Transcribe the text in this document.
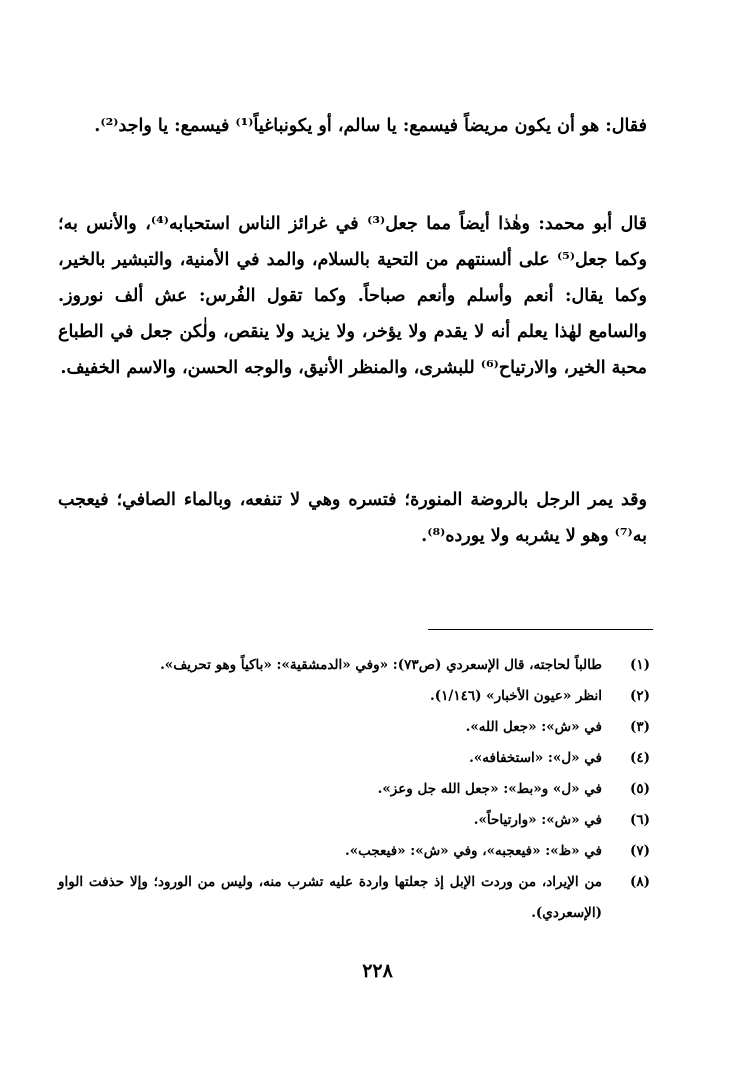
فقال: هو أن يكون مريضاً فيسمع: يا سالم، أو يكونباغياً⁽¹⁾ فيسمع: يا واجد⁽²⁾.

قال أبو محمد: وهٰذا أيضاً مما جعل⁽³⁾ في غرائز الناس استحبابه⁽⁴⁾، والأنس به؛ وكما جعل⁽⁵⁾ على ألسنتهم من التحية بالسلام، والمد في الأمنية، والتبشير بالخير، وكما يقال: أنعم وأسلم وأنعم صباحاً. وكما تقول الفُرس: عش ألف نوروز. والسامع لهٰذا يعلم أنه لا يقدم ولا يؤخر، ولا يزيد ولا ينقص، ولٰكن جعل في الطباع محبة الخير، والارتياح⁽⁶⁾ للبشرى، والمنظر الأنيق، والوجه الحسن، والاسم الخفيف.

وقد يمر الرجل بالروضة المنورة؛ فتسره وهي لا تنفعه، وبالماء الصافي؛ فيعجب به⁽⁷⁾ وهو لا يشربه ولا يورده⁽⁸⁾.

(١)
طالباً لحاجته، قال الإسعردي (ص٧٣): «وفي «الدمشقية»: «باكياً وهو تحريف».
(٢)
انظر «عيون الأخبار» (١/١٤٦).
(٣)
في «ش»: «جعل الله».
(٤)
في «ل»: «استخفافه».
(٥)
في «ل» و«بط»: «جعل الله جل وعز».
(٦)
في «ش»: «وارتياحاً».
(٧)
في «ظ»: «فيعجبه»، وفي «ش»: «فيعجب».
(٨)
من الإيراد، من وردت الإبل إذ جعلتها واردة عليه تشرب منه، وليس من الورود؛ وإلا حذفت الواو (الإسعردي).
٢٢٨
